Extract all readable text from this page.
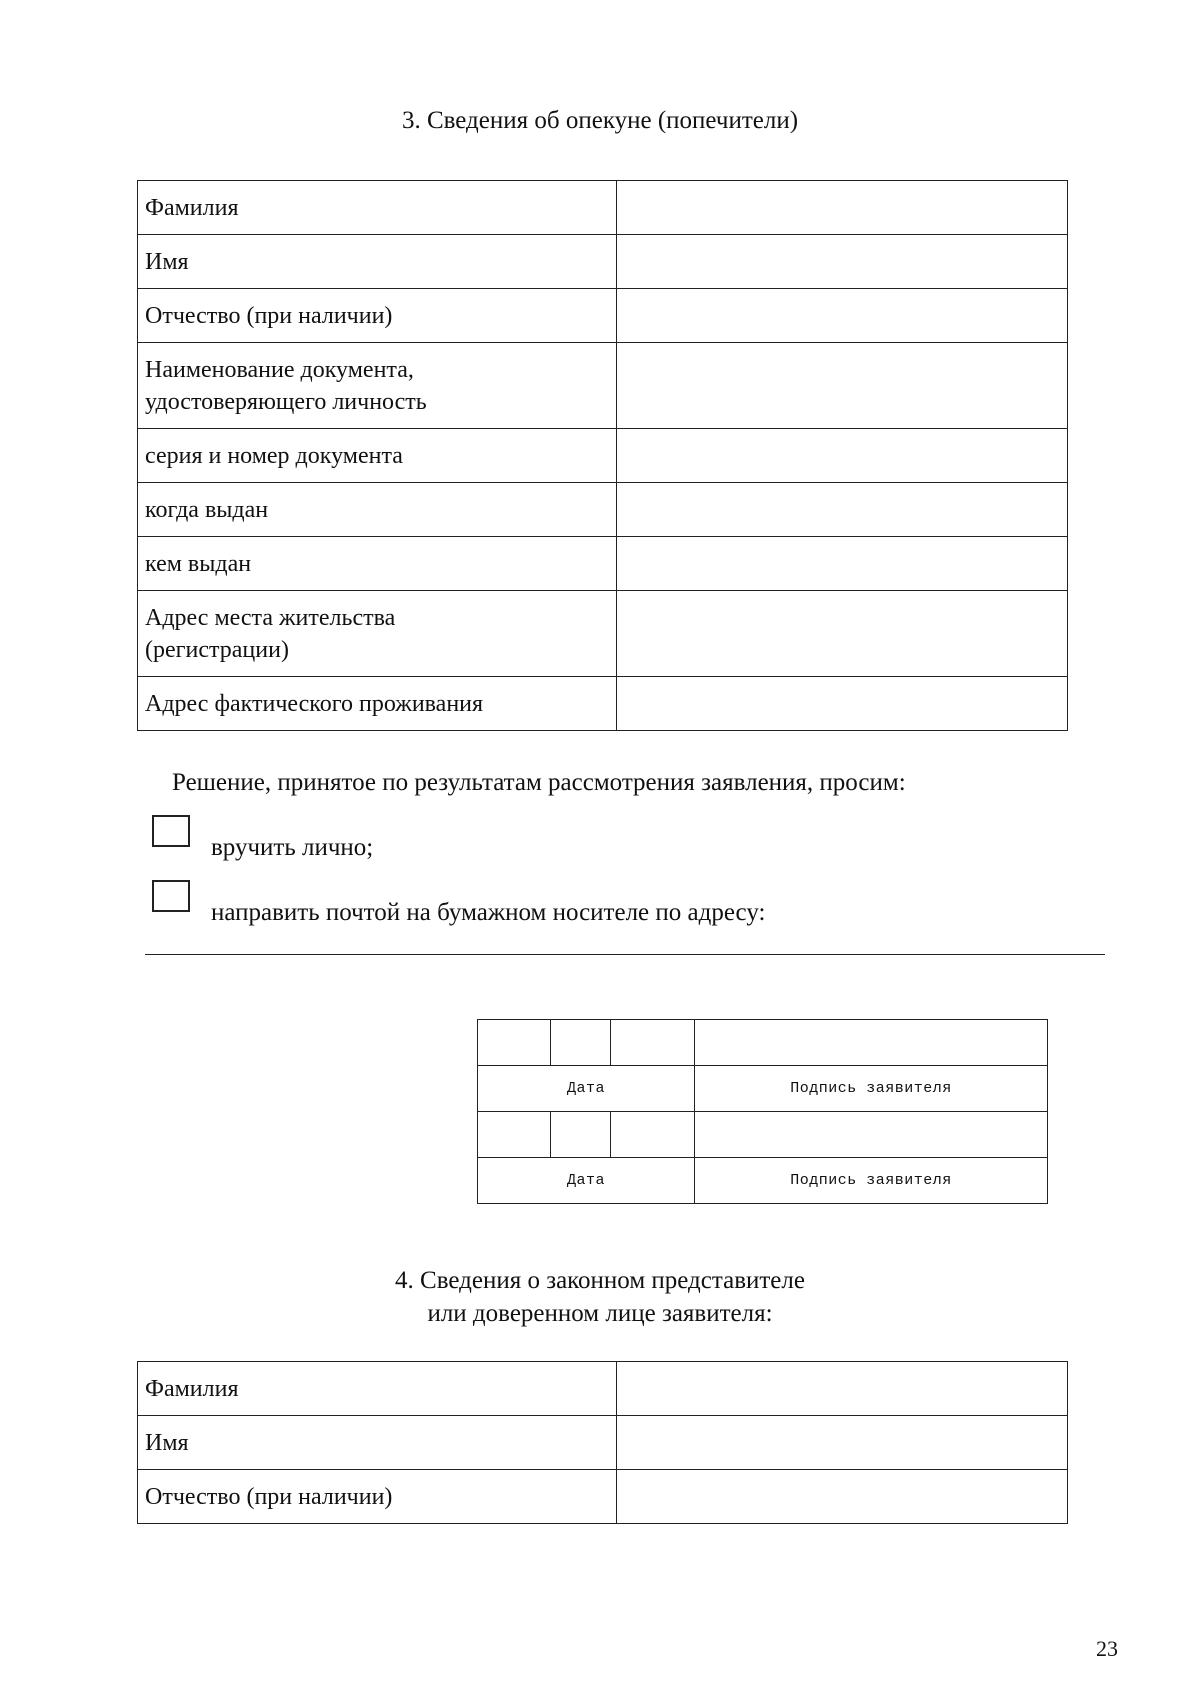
3. Сведения об опекуне (попечители)
Фамилия	
Имя	
Отчество (при наличии)	
Наименование документа,
удостоверяющего личность	
серия и номер документа	
когда выдан	
кем выдан	
Адрес места жительства
(регистрации)	
Адрес фактического проживания	
Решение, принятое по результатам рассмотрения заявления, просим:
вручить лично;
направить почтой на бумажном носителе по адресу:

Дата			Подпись заявителя

Дата			Подпись заявителя
4. Сведения о законном представителе
или доверенном лице заявителя:
Фамилия	
Имя	
Отчество (при наличии)	
23
